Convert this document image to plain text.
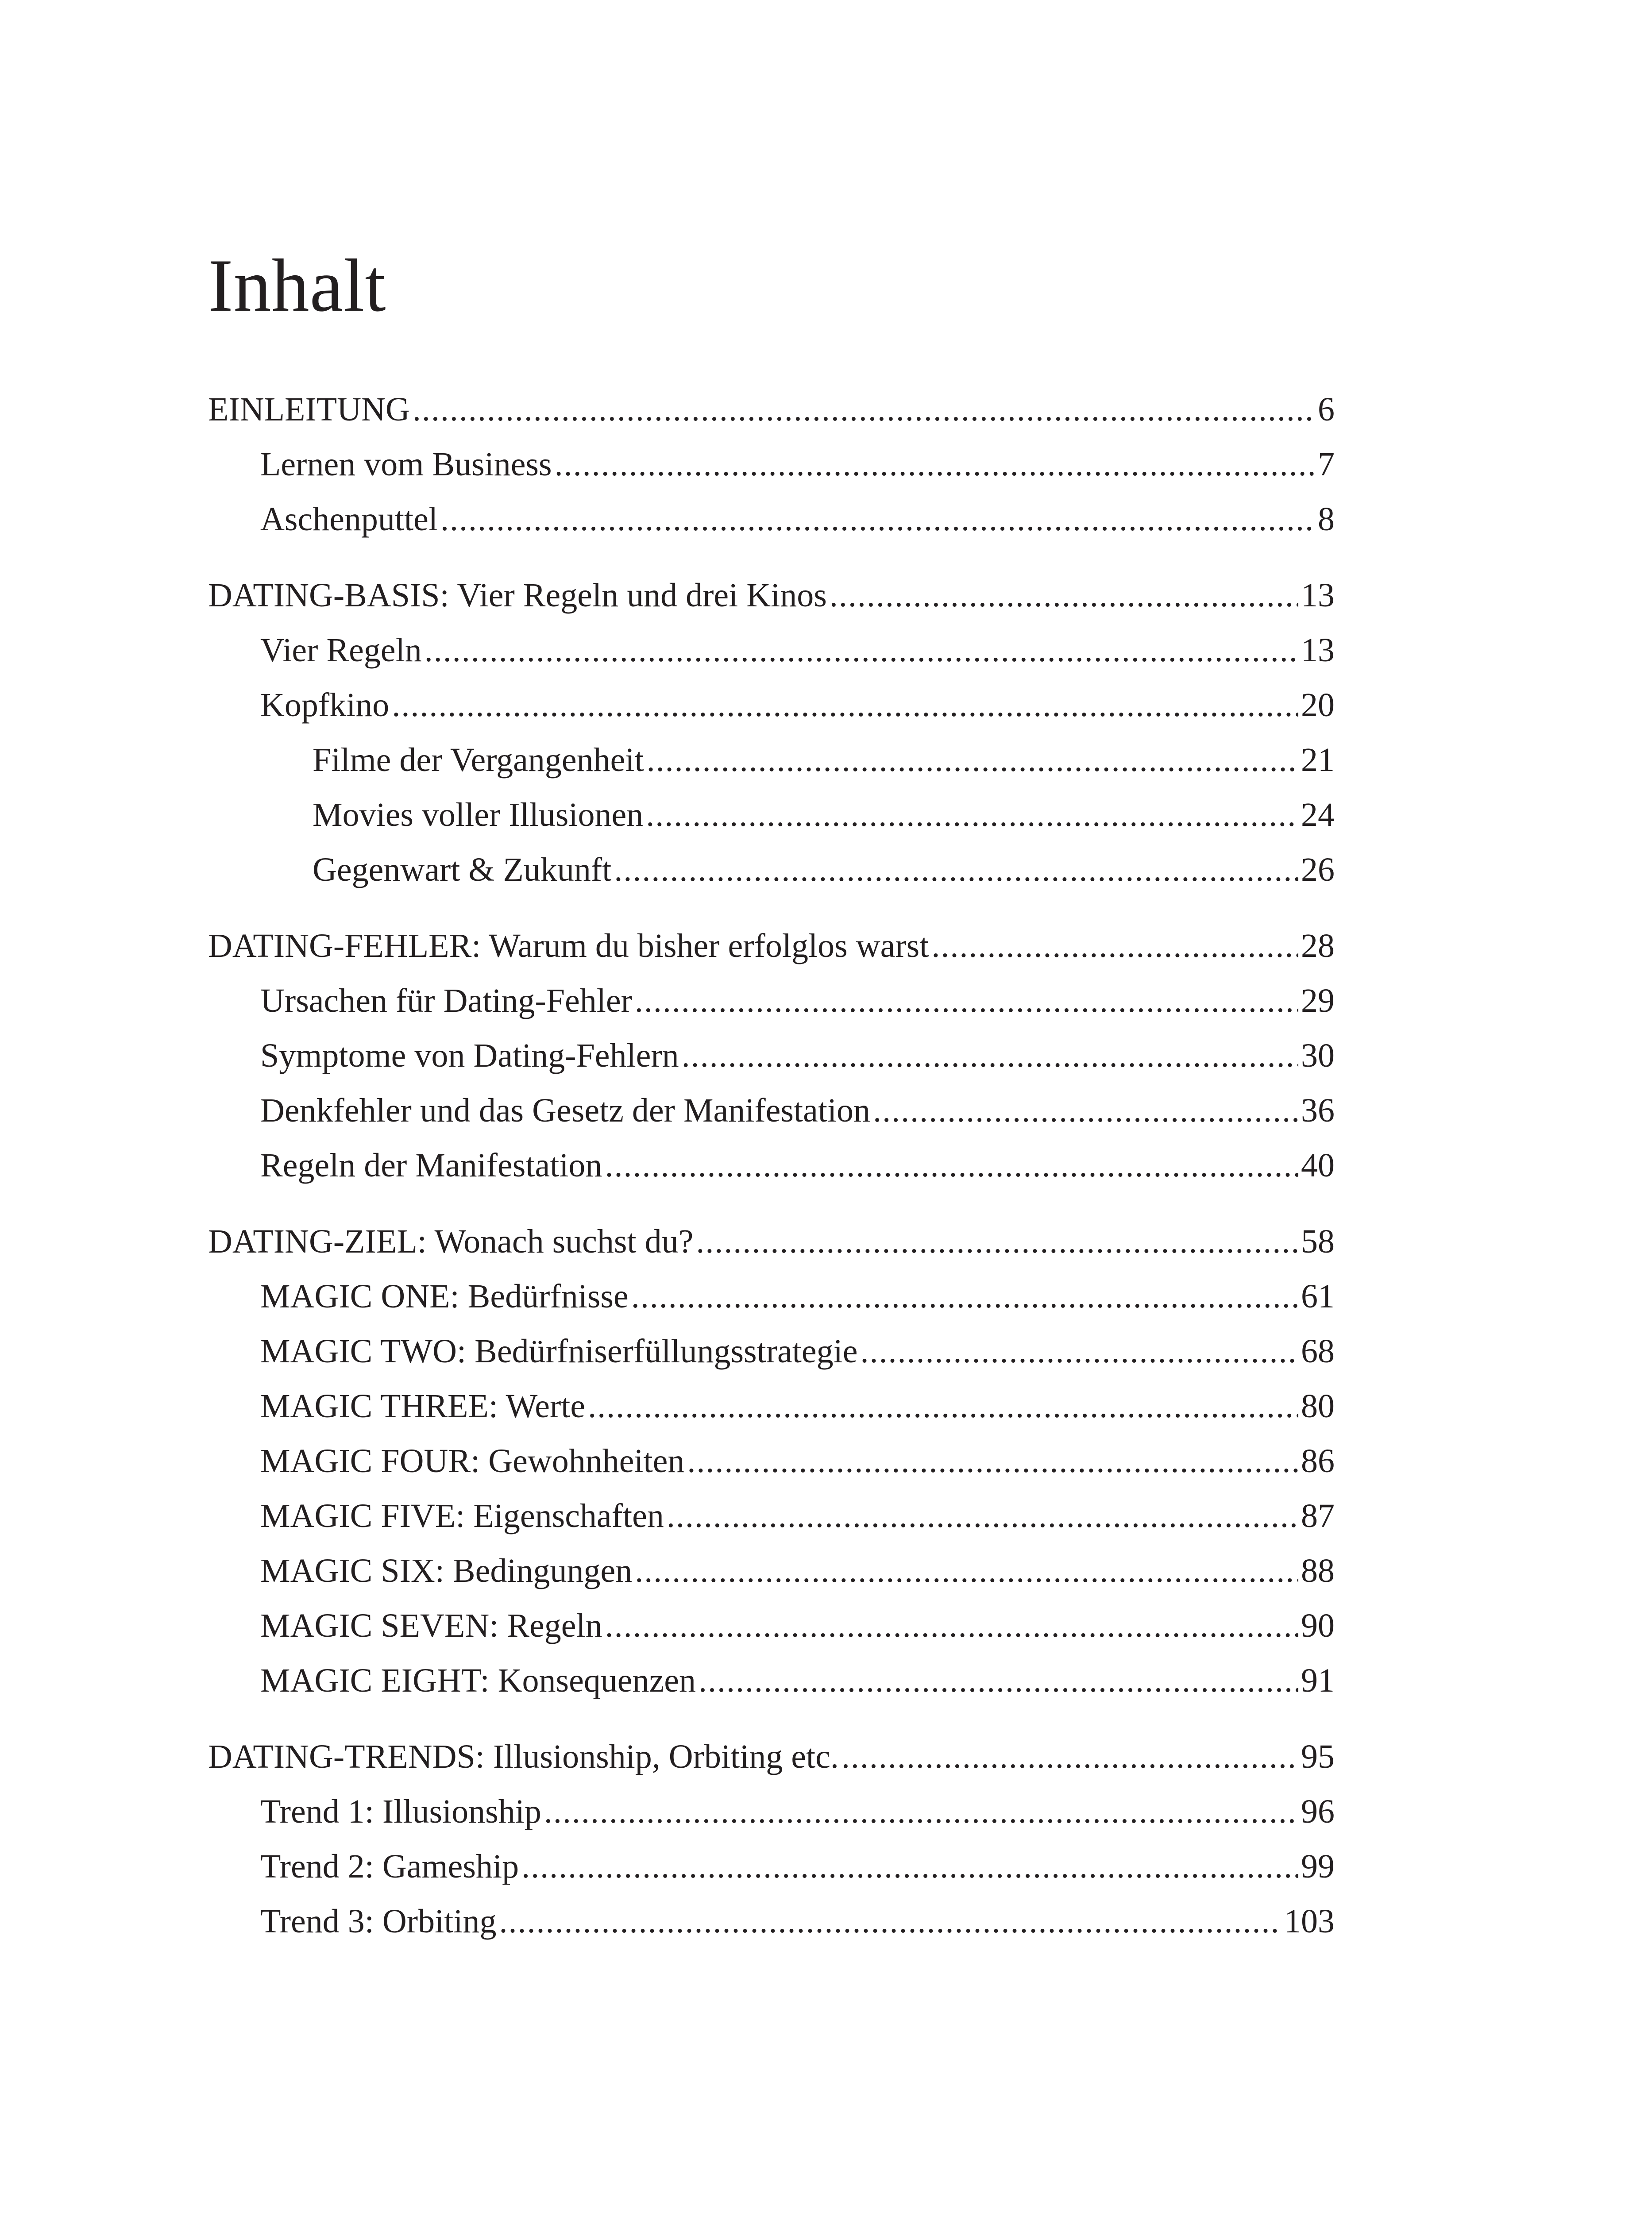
Inhalt
EINLEITUNG .....	6
Lernen vom Business .....	7
Aschenputtel .....	8
DATING-BASIS: Vier Regeln und drei Kinos .....	13
Vier Regeln .....	13
Kopfkino .....	20
Filme der Vergangenheit .....	21
Movies voller Illusionen .....	24
Gegenwart & Zukunft .....	26
DATING-FEHLER: Warum du bisher erfolglos warst .....	28
Ursachen für Dating-Fehler .....	29
Symptome von Dating-Fehlern .....	30
Denkfehler und das Gesetz der Manifestation .....	36
Regeln der Manifestation .....	40
DATING-ZIEL: Wonach suchst du? .....	58
MAGIC ONE: Bedürfnisse .....	61
MAGIC TWO: Bedürfniserfüllungsstrategie .....	68
MAGIC THREE: Werte .....	80
MAGIC FOUR: Gewohnheiten .....	86
MAGIC FIVE: Eigenschaften .....	87
MAGIC SIX: Bedingungen .....	88
MAGIC SEVEN: Regeln .....	90
MAGIC EIGHT: Konsequenzen .....	91
DATING-TRENDS: Illusionship, Orbiting etc. .....	95
Trend 1: Illusionship .....	96
Trend 2: Gameship .....	99
Trend 3: Orbiting .....	103
